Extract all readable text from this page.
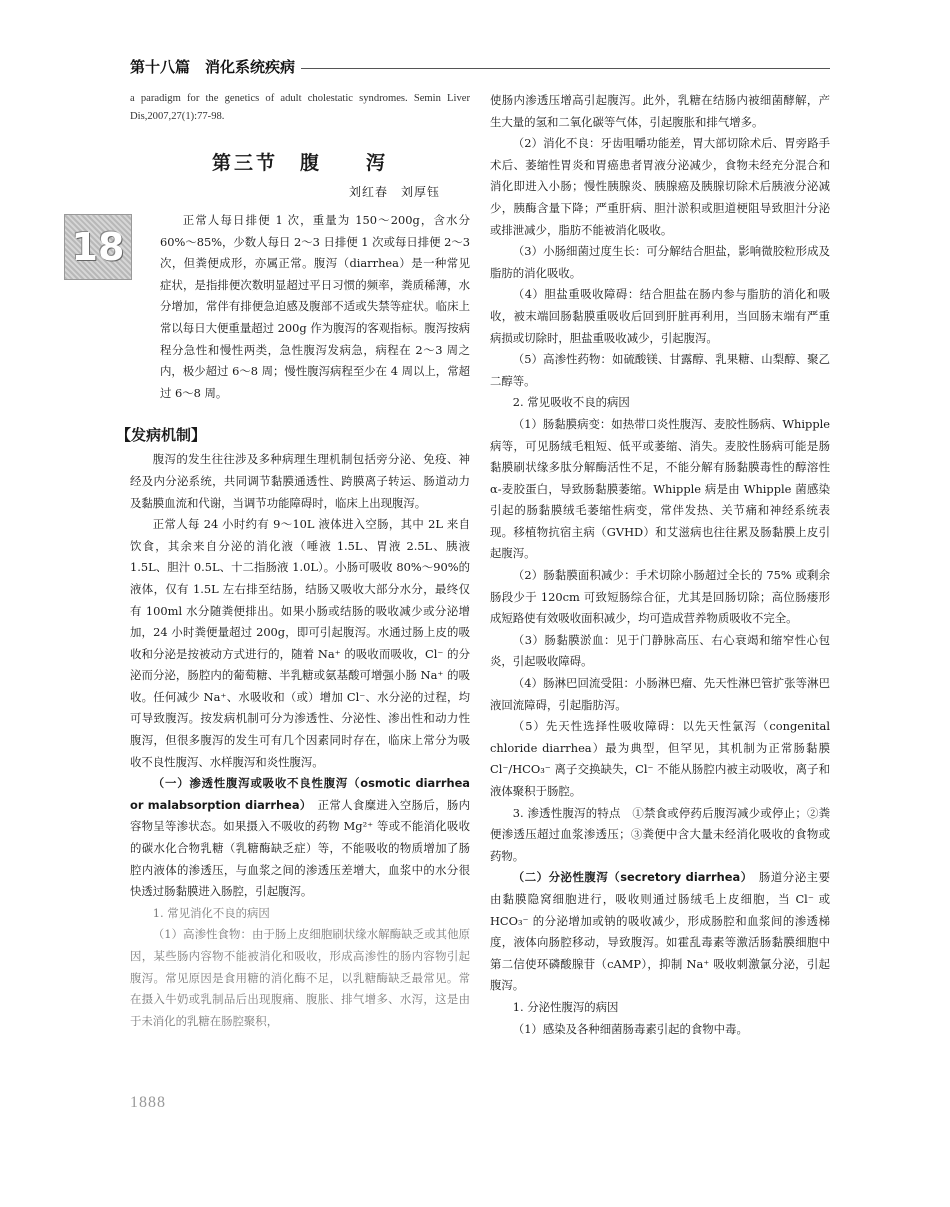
第十八篇　消化系统疾病

a paradigm for the genetics of adult cholestatic syndromes. Semin Liver Dis,2007,27(1):77-98.

第三节　腹　　泻
刘红春　刘厚钰
18

正常人每日排便 1 次，重量为 150～200g，含水分 60%～85%，少数人每日 2～3 日排便 1 次或每日排便 2～3 次，但粪便成形，亦属正常。腹泻（diarrhea）是一种常见症状，是指排便次数明显超过平日习惯的频率，粪质稀薄，水分增加，常伴有排便急迫感及腹部不适或失禁等症状。临床上常以每日大便重量超过 200g 作为腹泻的客观指标。腹泻按病程分急性和慢性两类，急性腹泻发病急，病程在 2～3 周之内，极少超过 6～8 周；慢性腹泻病程至少在 4 周以上，常超过 6～8 周。

【发病机制】

腹泻的发生往往涉及多种病理生理机制包括旁分泌、免疫、神经及内分泌系统，共同调节黏膜通透性、跨膜离子转运、肠道动力及黏膜血流和代谢，当调节功能障碍时，临床上出现腹泻。

正常人每 24 小时约有 9～10L 液体进入空肠，其中 2L 来自饮食，其余来自分泌的消化液（唾液 1.5L、胃液 2.5L、胰液 1.5L、胆汁 0.5L、十二指肠液 1.0L）。小肠可吸收 80%～90%的液体，仅有 1.5L 左右排至结肠，结肠又吸收大部分水分，最终仅有 100ml 水分随粪便排出。如果小肠或结肠的吸收减少或分泌增加，24 小时粪便量超过 200g，即可引起腹泻。水通过肠上皮的吸收和分泌是按被动方式进行的，随着 Na⁺ 的吸收而吸收，Cl⁻ 的分泌而分泌，肠腔内的葡萄糖、半乳糖或氨基酸可增强小肠 Na⁺ 的吸收。任何减少 Na⁺、水吸收和（或）增加 Cl⁻、水分泌的过程，均可导致腹泻。按发病机制可分为渗透性、分泌性、渗出性和动力性腹泻，但很多腹泻的发生可有几个因素同时存在，临床上常分为吸收不良性腹泻、水样腹泻和炎性腹泻。

（一）渗透性腹泻或吸收不良性腹泻（osmotic diarrhea or malabsorption diarrhea）　正常人食糜进入空肠后，肠内容物呈等渗状态。如果摄入不吸收的药物 Mg²⁺ 等或不能消化吸收的碳水化合物乳糖（乳糖酶缺乏症）等，不能吸收的物质增加了肠腔内液体的渗透压，与血浆之间的渗透压差增大，血浆中的水分很快透过肠黏膜进入肠腔，引起腹泻。

1. 常见消化不良的病因

（1）高渗性食物：由于肠上皮细胞刷状缘水解酶缺乏或其他原因，某些肠内容物不能被消化和吸收，形成高渗性的肠内容物引起腹泻。常见原因是食用糖的消化酶不足，以乳糖酶缺乏最常见。常在摄入牛奶或乳制品后出现腹痛、腹胀、排气增多、水泻，这是由于未消化的乳糖在肠腔聚积，

使肠内渗透压增高引起腹泻。此外，乳糖在结肠内被细菌酵解，产生大量的氢和二氧化碳等气体，引起腹胀和排气增多。

（2）消化不良：牙齿咀嚼功能差，胃大部切除术后、胃旁路手术后、萎缩性胃炎和胃癌患者胃液分泌减少，食物未经充分混合和消化即进入小肠；慢性胰腺炎、胰腺癌及胰腺切除术后胰液分泌减少，胰酶含量下降；严重肝病、胆汁淤积或胆道梗阻导致胆汁分泌或排泄减少，脂肪不能被消化吸收。

（3）小肠细菌过度生长：可分解结合胆盐，影响微胶粒形成及脂肪的消化吸收。

（4）胆盐重吸收障碍：结合胆盐在肠内参与脂肪的消化和吸收，被末端回肠黏膜重吸收后回到肝脏再利用，当回肠末端有严重病损或切除时，胆盐重吸收减少，引起腹泻。

（5）高渗性药物：如硫酸镁、甘露醇、乳果糖、山梨醇、聚乙二醇等。

2. 常见吸收不良的病因

（1）肠黏膜病变：如热带口炎性腹泻、麦胶性肠病、Whipple 病等，可见肠绒毛粗短、低平或萎缩、消失。麦胶性肠病可能是肠黏膜刷状缘多肽分解酶活性不足，不能分解有肠黏膜毒性的醇溶性 α-麦胶蛋白，导致肠黏膜萎缩。Whipple 病是由 Whipple 菌感染引起的肠黏膜绒毛萎缩性病变，常伴发热、关节痛和神经系统表现。移植物抗宿主病（GVHD）和艾滋病也往往累及肠黏膜上皮引起腹泻。

（2）肠黏膜面积减少：手术切除小肠超过全长的 75% 或剩余肠段少于 120cm 可致短肠综合征，尤其是回肠切除；高位肠瘘形成短路使有效吸收面积减少，均可造成营养物质吸收不完全。

（3）肠黏膜淤血：见于门静脉高压、右心衰竭和缩窄性心包炎，引起吸收障碍。

（4）肠淋巴回流受阻：小肠淋巴瘤、先天性淋巴管扩张等淋巴液回流障碍，引起脂肪泻。

（5）先天性选择性吸收障碍：以先天性氯泻（congenital chloride diarrhea）最为典型，但罕见，其机制为正常肠黏膜 Cl⁻/HCO₃⁻ 离子交换缺失，Cl⁻ 不能从肠腔内被主动吸收，离子和液体聚积于肠腔。

3. 渗透性腹泻的特点　①禁食或停药后腹泻减少或停止；②粪便渗透压超过血浆渗透压；③粪便中含大量未经消化吸收的食物或药物。

（二）分泌性腹泻（secretory diarrhea）　肠道分泌主要由黏膜隐窝细胞进行，吸收则通过肠绒毛上皮细胞，当 Cl⁻ 或 HCO₃⁻ 的分泌增加或钠的吸收减少，形成肠腔和血浆间的渗透梯度，液体向肠腔移动，导致腹泻。如霍乱毒素等激活肠黏膜细胞中第二信使环磷酸腺苷（cAMP），抑制 Na⁺ 吸收刺激氯分泌，引起腹泻。

1. 分泌性腹泻的病因

（1）感染及各种细菌肠毒素引起的食物中毒。

1888
